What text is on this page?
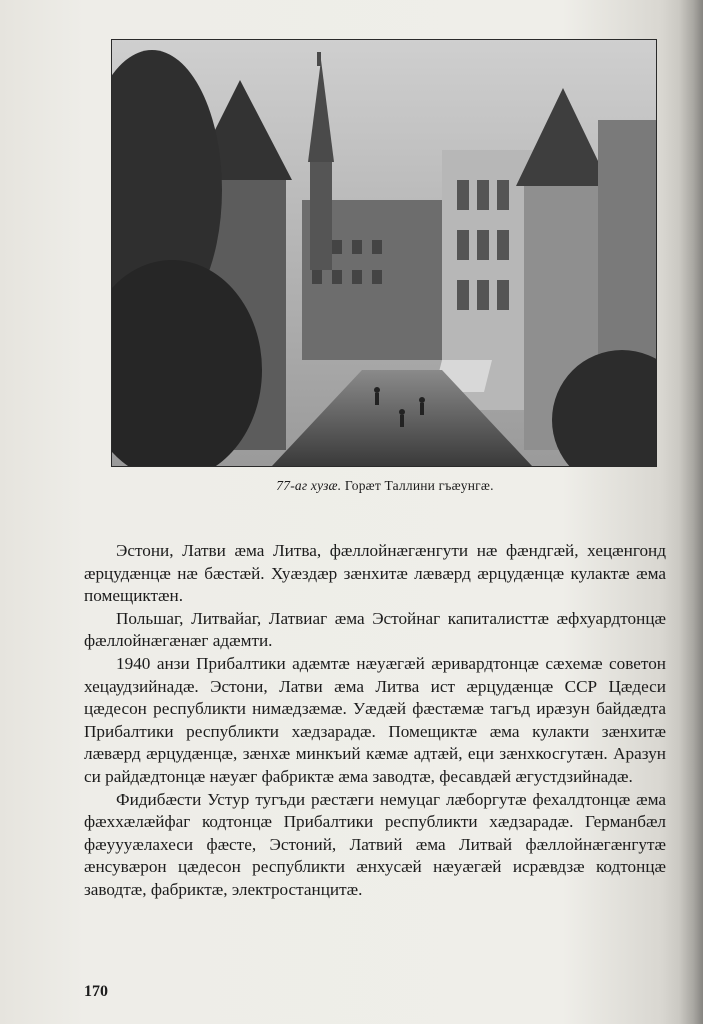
77-аг хузæ. Горæт Таллини гъæунгæ.

Эстони, Латви æма Литва, фæллойнæгæнгути нæ фæндгæй, хецæнгонд æрцудæнцæ нæ бæстæй. Хуæздæр зæнхитæ лæвæрд æрцудæнцæ кулактæ æма помещиктæн.

Польшаг, Литвайаг, Латвиаг æма Эстойнаг капиталисттæ æфхуардтонцæ фæллойнæгæнæг адæмти.

1940 анзи Прибалтики адæмтæ нæуæгæй æривардтонцæ сæхемæ советон хецаудзийнадæ. Эстони, Латви æма Литва ист æрцудæнцæ ССР Цæдеси цæдесон республикти нимæдзæмæ. Уæдæй фæстæмæ тагъд ирæзун байдæдта Прибалтики республикти хæдзарадæ. Помещиктæ æма кулакти зæнхитæ лæвæрд æрцудæнцæ, зæнхæ минкъий кæмæ адтæй, еци зæнхкосгутæн. Аразун си райдæдтонцæ нæуæг фабриктæ æма заводтæ, фесавдæй æгустдзийнадæ.

Фидибæсти Устур тугъди рæстæги немуцаг лæборгутæ фехалдтонцæ æма фæххæлæйфаг кодтонцæ Прибалтики республикти хæдзарадæ. Германбæл фæуууæлахеси фæсте, Эстоний, Латвий æма Литвай фæллойнæгæнгутæ æнсувæрон цæдесон республикти æнхусæй нæуæгæй исрæвдзæ кодтонцæ заводтæ, фабриктæ, электростанцитæ.

170
